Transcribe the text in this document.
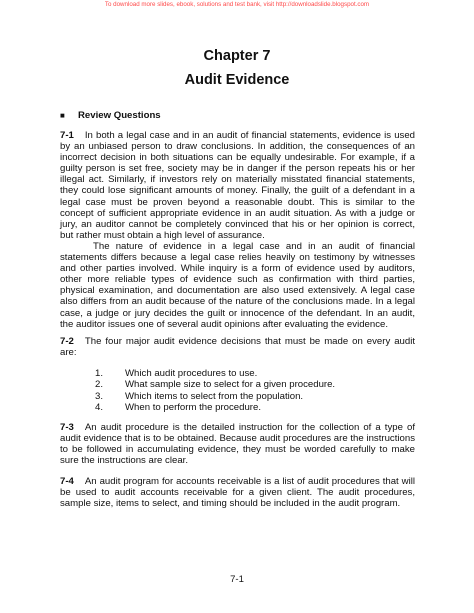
To download more slides, ebook, solutions and test bank, visit http://downloadslide.blogspot.com
Chapter 7
Audit Evidence
■ Review Questions
7-1 In both a legal case and in an audit of financial statements, evidence is used by an unbiased person to draw conclusions. In addition, the consequences of an incorrect decision in both situations can be equally undesirable. For example, if a guilty person is set free, society may be in danger if the person repeats his or her illegal act. Similarly, if investors rely on materially misstated financial statements, they could lose significant amounts of money. Finally, the guilt of a defendant in a legal case must be proven beyond a reasonable doubt. This is similar to the concept of sufficient appropriate evidence in an audit situation. As with a judge or jury, an auditor cannot be completely convinced that his or her opinion is correct, but rather must obtain a high level of assurance.
The nature of evidence in a legal case and in an audit of financial statements differs because a legal case relies heavily on testimony by witnesses and other parties involved. While inquiry is a form of evidence used by auditors, other more reliable types of evidence such as confirmation with third parties, physical examination, and documentation are also used extensively. A legal case also differs from an audit because of the nature of the conclusions made. In a legal case, a judge or jury decides the guilt or innocence of the defendant. In an audit, the auditor issues one of several audit opinions after evaluating the evidence.
7-2 The four major audit evidence decisions that must be made on every audit are:
1.	Which audit procedures to use.
2.	What sample size to select for a given procedure.
3.	Which items to select from the population.
4.	When to perform the procedure.
7-3 An audit procedure is the detailed instruction for the collection of a type of audit evidence that is to be obtained. Because audit procedures are the instructions to be followed in accumulating evidence, they must be worded carefully to make sure the instructions are clear.
7-4 An audit program for accounts receivable is a list of audit procedures that will be used to audit accounts receivable for a given client. The audit procedures, sample size, items to select, and timing should be included in the audit program.
7-1
